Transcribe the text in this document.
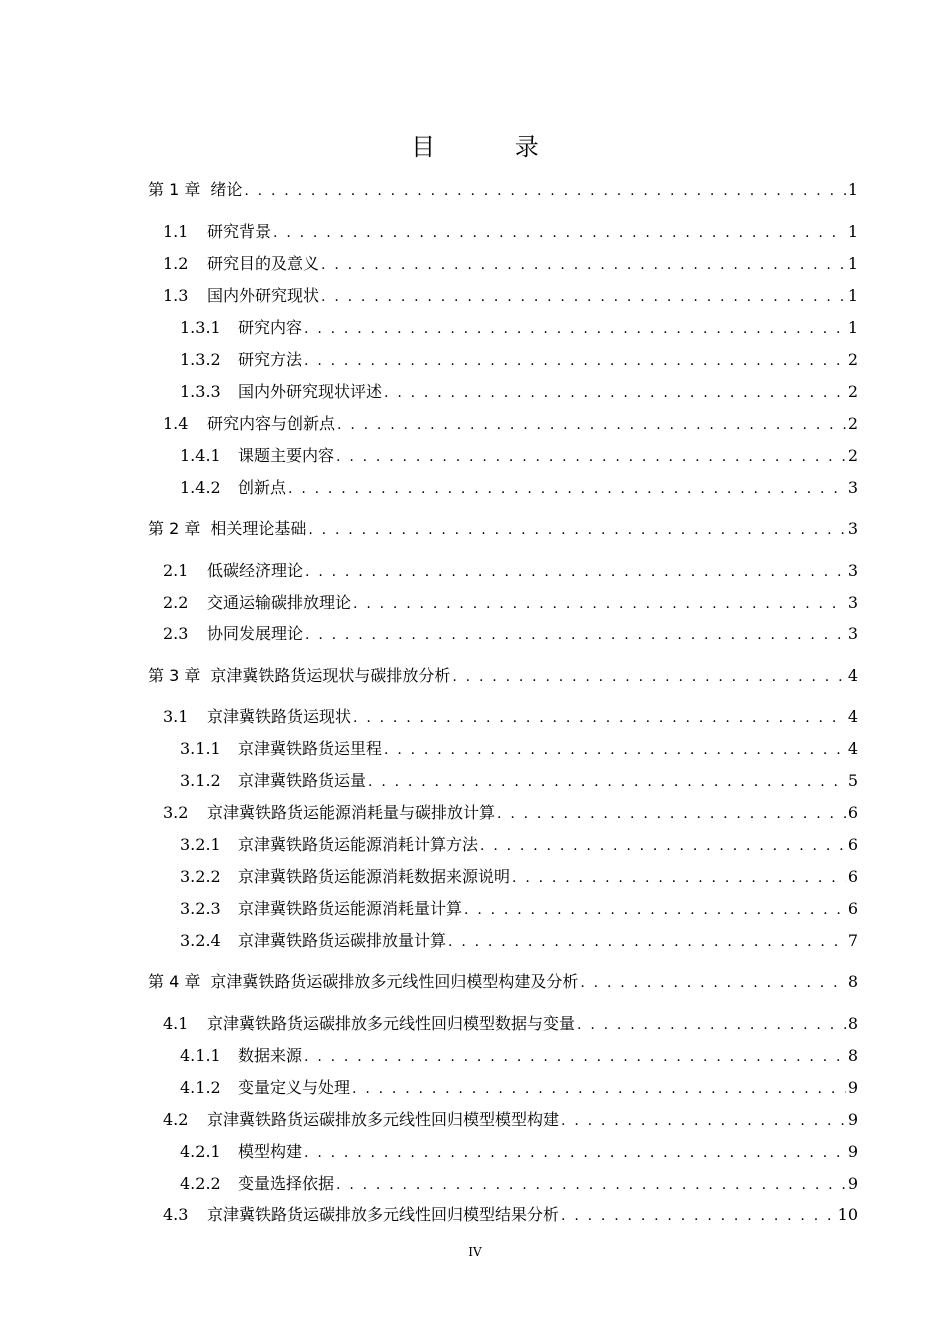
目 录
第 1 章 绪论 . . .	1
1.1	研究背景 . . .	1
1.2	研究目的及意义 . . .	1
1.3	国内外研究现状 . . .	1
1.3.1	研究内容 . . .	1
1.3.2	研究方法 . . .	2
1.3.3	国内外研究现状评述 . . .	2
1.4	研究内容与创新点 . . .	2
1.4.1	课题主要内容 . . .	2
1.4.2	创新点 . . .	3
第 2 章 相关理论基础 . . .	3
2.1	低碳经济理论 . . .	3
2.2	交通运输碳排放理论 . . .	3
2.3	协同发展理论 . . .	3
第 3 章 京津冀铁路货运现状与碳排放分析 . . .	4
3.1	京津冀铁路货运现状 . . .	4
3.1.1	京津冀铁路货运里程 . . .	4
3.1.2	京津冀铁路货运量 . . .	5
3.2	京津冀铁路货运能源消耗量与碳排放计算 . . .	6
3.2.1	京津冀铁路货运能源消耗计算方法 . . .	6
3.2.2	京津冀铁路货运能源消耗数据来源说明 . . .	6
3.2.3	京津冀铁路货运能源消耗量计算 . . .	6
3.2.4	京津冀铁路货运碳排放量计算 . . .	7
第 4 章 京津冀铁路货运碳排放多元线性回归模型构建及分析 . . .	8
4.1	京津冀铁路货运碳排放多元线性回归模型数据与变量 . . .	8
4.1.1	数据来源 . . .	8
4.1.2	变量定义与处理 . . .	9
4.2	京津冀铁路货运碳排放多元线性回归模型模型构建 . . .	9
4.2.1	模型构建 . . .	9
4.2.2	变量选择依据 . . .	9
4.3	京津冀铁路货运碳排放多元线性回归模型结果分析 . . .	10
IV
